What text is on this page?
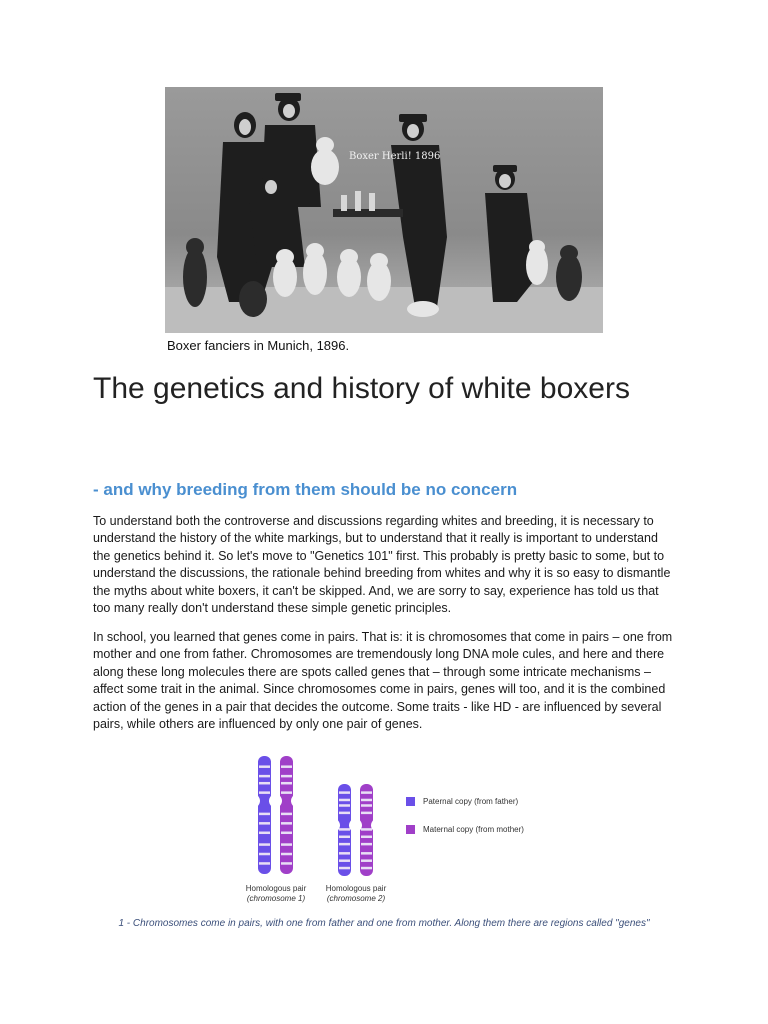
Boxer Herli! 1896
Boxer fanciers in Munich, 1896.
The genetics and history of white boxers
- and why breeding from them should be no concern

To understand both the controverse and discussions regarding whites and breeding, it is necessary to understand the history of the white markings, but to understand that it really is important to understand the genetics behind it. So let's move to "Genetics 101" first. This probably is pretty basic to some, but to understand the discussions, the rationale behind breeding from whites and why it is so easy to dismantle the myths about white boxers, it can't be skipped. And, we are sorry to say, experience has told us that too many really don't understand these simple genetic principles.

In school, you learned that genes come in pairs. That is: it is chromosomes that come in pairs – one from mother and one from father. Chromosomes are tremendously long DNA mole cules, and here and there along these long molecules there are spots called genes that – through some intricate mechanisms – affect some trait in the animal. Since chromosomes come in pairs, genes will too, and it is the combined action of the genes in a pair that decides the outcome. Some traits - like HD - are influenced by several pairs, while others are influenced by only one pair of genes.

Paternal copy (from father)
Maternal copy (from mother)
Homologous pair
(chromosome 1)
Homologous pair
(chromosome 2)
1 - Chromosomes come in pairs, with one from father and one from mother. Along them there are regions called "genes"
